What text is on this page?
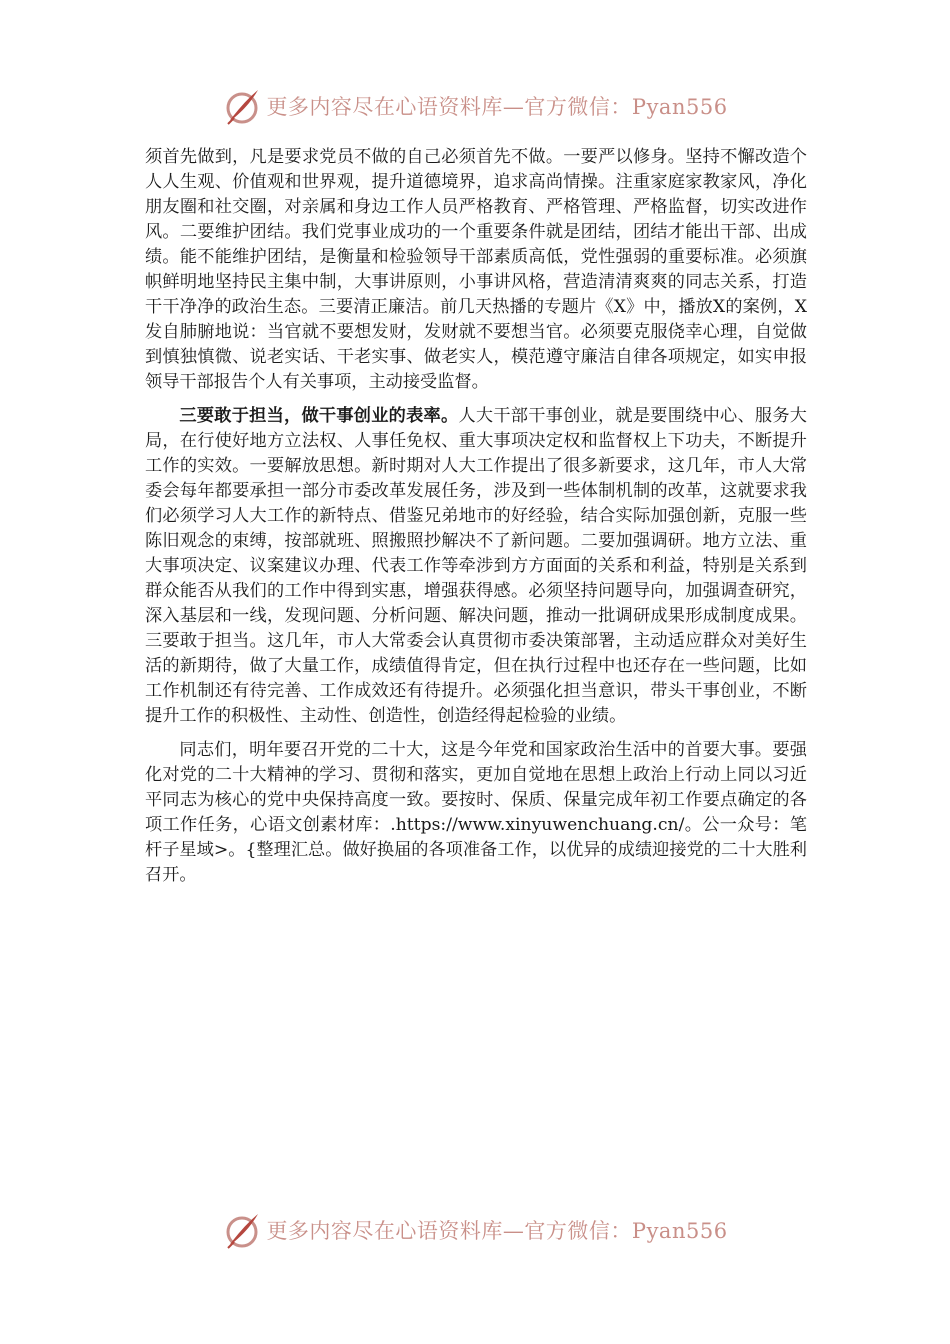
更多内容尽在心语资料库—官方微信：Pyan556

须首先做到，凡是要求党员不做的自己必须首先不做。一要严以修身。坚持不懈改造个人人生观、价值观和世界观，提升道德境界，追求高尚情操。注重家庭家教家风，净化朋友圈和社交圈，对亲属和身边工作人员严格教育、严格管理、严格监督，切实改进作风。二要维护团结。我们党事业成功的一个重要条件就是团结，团结才能出干部、出成绩。能不能维护团结，是衡量和检验领导干部素质高低，党性强弱的重要标准。必须旗帜鲜明地坚持民主集中制，大事讲原则，小事讲风格，营造清清爽爽的同志关系，打造干干净净的政治生态。三要清正廉洁。前几天热播的专题片《X》中，播放X的案例，X发自肺腑地说：当官就不要想发财，发财就不要想当官。必须要克服侥幸心理，自觉做到慎独慎微、说老实话、干老实事、做老实人，模范遵守廉洁自律各项规定，如实申报领导干部报告个人有关事项，主动接受监督。

三要敢于担当，做干事创业的表率。人大干部干事创业，就是要围绕中心、服务大局，在行使好地方立法权、人事任免权、重大事项决定权和监督权上下功夫，不断提升工作的实效。一要解放思想。新时期对人大工作提出了很多新要求，这几年，市人大常委会每年都要承担一部分市委改革发展任务，涉及到一些体制机制的改革，这就要求我们必须学习人大工作的新特点、借鉴兄弟地市的好经验，结合实际加强创新，克服一些陈旧观念的束缚，按部就班、照搬照抄解决不了新问题。二要加强调研。地方立法、重大事项决定、议案建议办理、代表工作等牵涉到方方面面的关系和利益，特别是关系到群众能否从我们的工作中得到实惠，增强获得感。必须坚持问题导向，加强调查研究，深入基层和一线，发现问题、分析问题、解决问题，推动一批调研成果形成制度成果。三要敢于担当。这几年，市人大常委会认真贯彻市委决策部署，主动适应群众对美好生活的新期待，做了大量工作，成绩值得肯定，但在执行过程中也还存在一些问题，比如工作机制还有待完善、工作成效还有待提升。必须强化担当意识，带头干事创业，不断提升工作的积极性、主动性、创造性，创造经得起检验的业绩。

同志们，明年要召开党的二十大，这是今年党和国家政治生活中的首要大事。要强化对党的二十大精神的学习、贯彻和落实，更加自觉地在思想上政治上行动上同以习近平同志为核心的党中央保持高度一致。要按时、保质、保量完成年初工作要点确定的各项工作任务，心语文创素材库：.https://www.xinyuwenchuang.cn/。公一众号：笔杆子星域>。{整理汇总。做好换届的各项准备工作，以优异的成绩迎接党的二十大胜利召开。

更多内容尽在心语资料库—官方微信：Pyan556
